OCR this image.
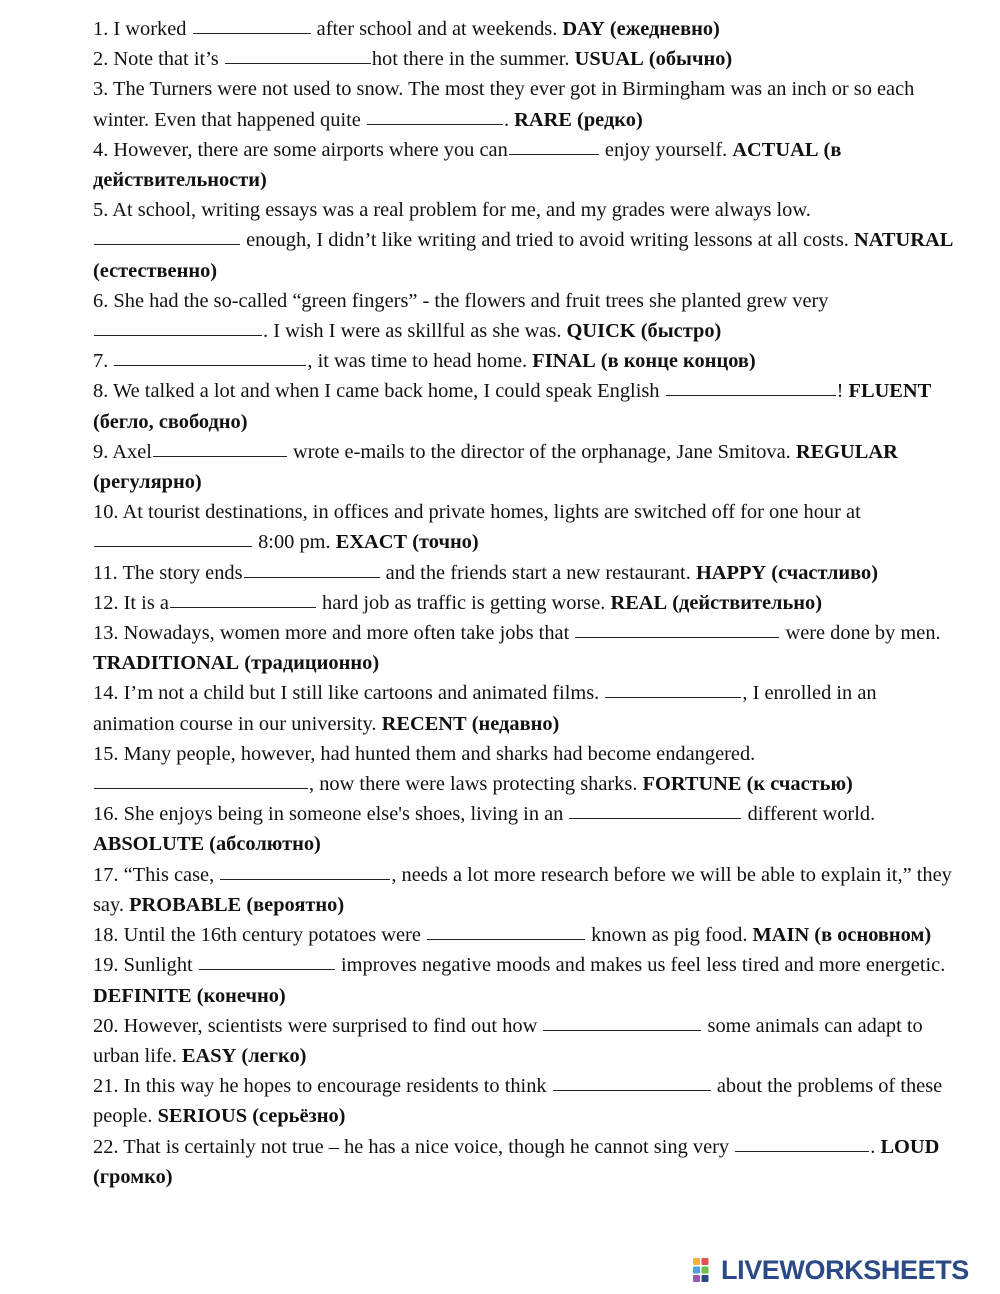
1. I worked	after school and at weekends. DAY (ежедневно)

2. Note that it’s	hot there in the summer. USUAL (обычно)

3. The Turners were not used to snow. The most they ever got in Birmingham was an inch or so each winter. Even that happened quite	. RARE (редко)

4. However, there are some airports where you can	enjoy yourself. ACTUAL (в действительности)

5. At school, writing essays was a real problem for me, and my grades were always low.  enough, I didn’t like writing and tried to avoid writing lessons at all costs. NATURAL (естественно)

6. She had the so-called “green fingers” - the flowers and fruit trees she planted grew very. I wish I were as skillful as she was. QUICK (быстро)

7.	, it was time to head home. FINAL (в конце концов)

8. We talked a lot and when I came back home, I could speak English	! FLUENT (бегло, свободно)

9. Axel	wrote e-mails to the director of the orphanage, Jane Smitova. REGULAR (регулярно)

10. At tourist destinations, in offices and private homes, lights are switched off for one hour at  8:00 pm. EXACT (точно)

11. The story ends	and the friends start a new restaurant. HAPPY (счастливо)

12. It is a	hard job as traffic is getting worse. REAL (действительно)

13. Nowadays, women more and more often take jobs that	were done by men. TRADITIONAL (традиционно)

14. I’m not a child but I still like cartoons and animated films.	, I enrolled in an animation course in our university. RECENT (недавно)

15. Many people, however, had hunted them and sharks had become endangered. , now there were laws protecting sharks. FORTUNE (к счастью)

16. She enjoys being in someone else's shoes, living in an	different world. ABSOLUTE (абсолютно)

17. “This case,	, needs a lot more research before we will be able to explain it,” they say. PROBABLE (вероятно)

18. Until the 16th century potatoes were	known as pig food. MAIN (в основном)

19. Sunlight	improves negative moods and makes us feel less tired and more energetic. DEFINITE (конечно)

20. However, scientists were surprised to find out how	some animals can adapt to urban life. EASY (легко)

21. In this way he hopes to encourage residents to think	about the problems of these people. SERIOUS (серьёзно)

22. That is certainly not true – he has a nice voice, though he cannot sing very	. LOUD (громко)

LIVEWORKSHEETS
